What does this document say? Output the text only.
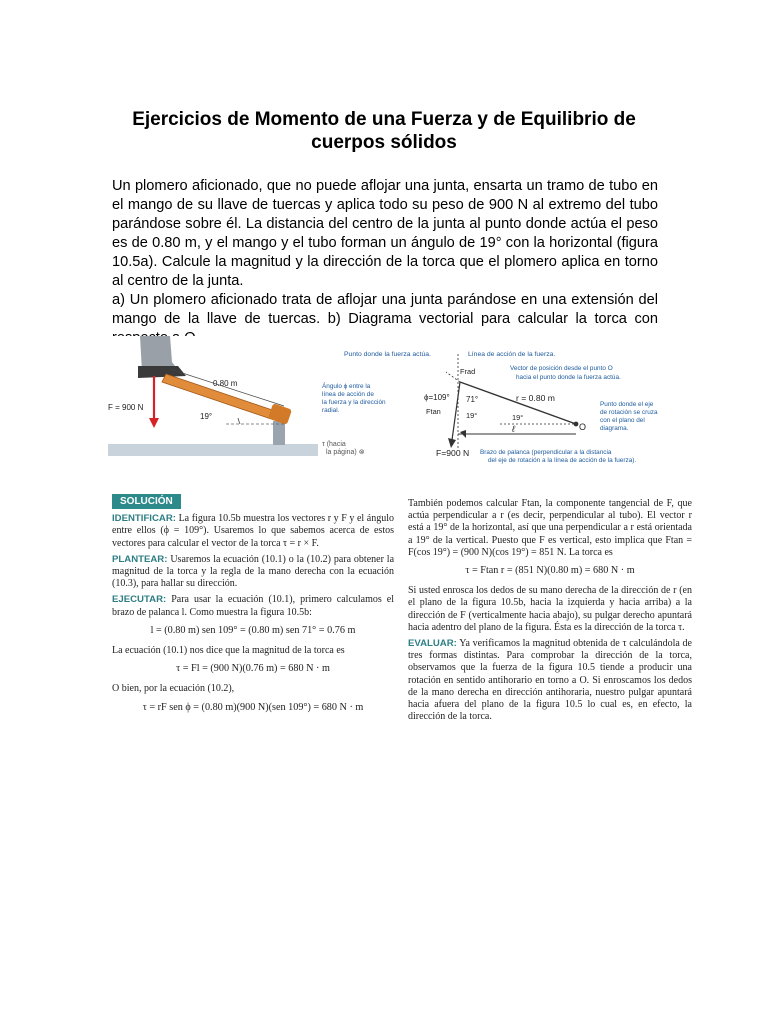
Ejercicios de Momento de una Fuerza y de Equilibrio de cuerpos sólidos

Un plomero aficionado, que no puede aflojar una junta, ensarta un tramo de tubo en el mango de su llave de tuercas y aplica todo su peso de 900 N al extremo del tubo parándose sobre él. La distancia del centro de la junta al punto donde actúa el peso es de 0.80 m, y el mango y el tubo forman un ángulo de 19° con la horizontal (figura 10.5a). Calcule la magnitud y la dirección de la torca que el plomero aplica en torno al centro de la junta.

a) Un plomero aficionado trata de aflojar una junta parándose en una extensión del mango de la llave de tuercas. b) Diagrama vectorial para calcular la torca con

0.80 m
19°
F = 900 N
Punto donde la fuerza actúa.	Línea de acción de la fuerza.
Vector de posición desde el punto O hacia el punto donde la fuerza actúa.
Ángulo ϕ entre la línea de acción de la fuerza y la dirección radial.
Punto donde el eje de rotación se cruza con el plano del diagrama.
Brazo de palanca (perpendicular a la distancia del eje de rotación a la línea de acción de la fuerza).
τ (hacia la página) ⊗
Frad
Ftan
ϕ=109° 71°
19°	19°
r = 0.80 m
ℓ
F=900 N
O
SOLUCIÓN

IDENTIFICAR: La figura 10.5b muestra los vectores r y F y el ángulo entre ellos (ϕ = 109°). Usaremos lo que sabemos acerca de estos vectores para calcular el vector de la torca τ = r × F.

PLANTEAR: Usaremos la ecuación (10.1) o la (10.2) para obtener la magnitud de la torca y la regla de la mano derecha con la ecuación (10.3), para hallar su dirección.

EJECUTAR: Para usar la ecuación (10.1), primero calculamos el brazo de palanca l. Como muestra la figura 10.5b:

l = (0.80 m) sen 109° = (0.80 m) sen 71° = 0.76 m

La ecuación (10.1) nos dice que la magnitud de la torca es

τ = Fl = (900 N)(0.76 m) = 680 N · m

O bien, por la ecuación (10.2),

τ = rF sen ϕ = (0.80 m)(900 N)(sen 109°) = 680 N · m

También podemos calcular Ftan, la componente tangencial de F, que actúa perpendicular a r (es decir, perpendicular al tubo). El vector r está a 19° de la horizontal, así que una perpendicular a r está orientada a 19° de la vertical. Puesto que F es vertical, esto implica que Ftan = F(cos 19°) = (900 N)(cos 19°) = 851 N. La torca es

τ = Ftan r = (851 N)(0.80 m) = 680 N · m

Si usted enrosca los dedos de su mano derecha de la dirección de r (en el plano de la figura 10.5b, hacia la izquierda y hacia arriba) a la dirección de F (verticalmente hacia abajo), su pulgar derecho apuntará hacia adentro del plano de la figura. Ésta es la dirección de la torca τ.

EVALUAR: Ya verificamos la magnitud obtenida de τ calculándola de tres formas distintas. Para comprobar la dirección de la torca, observamos que la fuerza de la figura 10.5 tiende a producir una rotación en sentido antihorario en torno a O. Si enroscamos los dedos de la mano derecha en dirección antihoraria, nuestro pulgar apuntará hacia afuera del plano de la figura 10.5 lo cual es, en efecto, la dirección de la torca.
